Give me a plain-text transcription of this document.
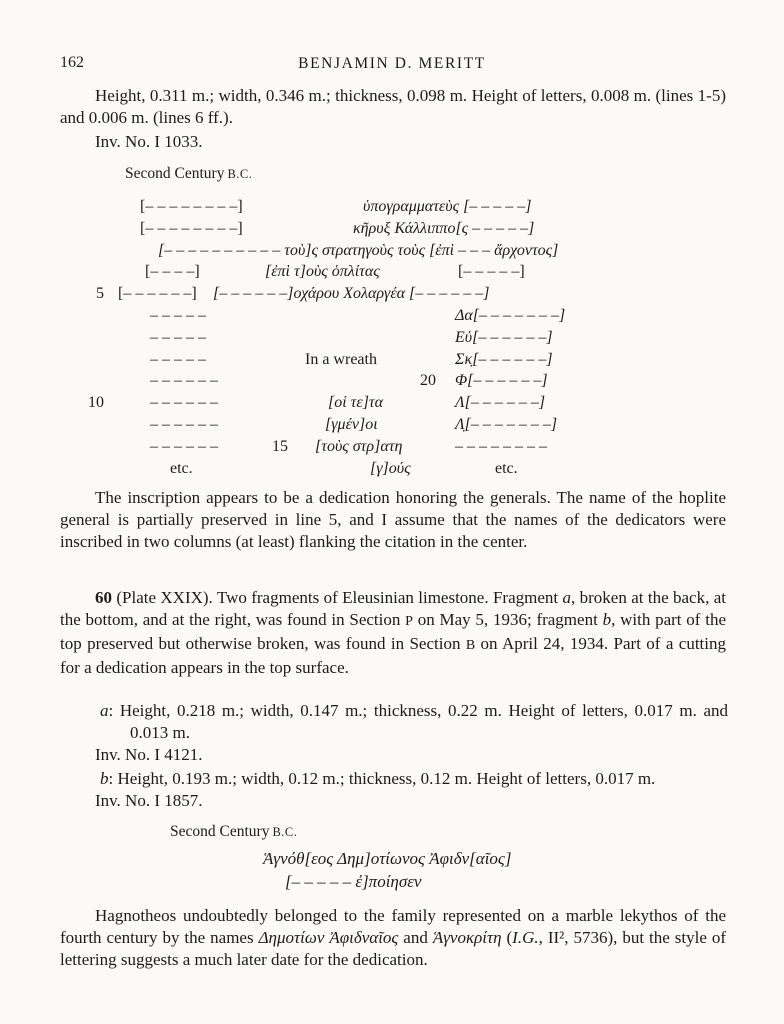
162	BENJAMIN D. MERITT
Height, 0.311 m.; width, 0.346 m.; thickness, 0.098 m. Height of letters, 0.008 m. (lines 1-5) and 0.006 m. (lines 6 ff.).
Inv. No. I 1033.
Second Century B.C.
[– – – – – – – –]	ὑπογραμματεὺς [– – – – –]
[– – – – – – – –]	κῆρυξ Κάλλιππο[ς – – – – –]
[– – – – – – – – – – τοὺ]ς στρατηγοὺς τοὺς [ἐπὶ – – – ἄρχοντος]
[– – – –]	[ἐπὶ τ]οὺς ὁπλίτας	[– – – – –]
5 [– – – – – –] [– – – – – –]οχάρου Χολαργέα [– – – – – –]
– – – – –	Δα[– – – – – – –]
– – – – –	Εὐ[– – – – – –]
– – – – –	In a wreath	Σκ̣[– – – – – –]
– – – – – –	20 Φ[– – – – – –]
10	– – – – – –	[οἱ τε]τα	Λ[– – – – – –]
– – – – – –	[γμέν]οι	Λ̣[– – – – – – –]
– – – – – –	15 [τοὺς στρ]ατη	– – – – – – – –
etc.	[γ]ούς	etc.
The inscription appears to be a dedication honoring the generals. The name of the hoplite general is partially preserved in line 5, and I assume that the names of the dedicators were inscribed in two columns (at least) flanking the citation in the center.
60 (Plate XXIX). Two fragments of Eleusinian limestone. Fragment a, broken at the back, at the bottom, and at the right, was found in Section P on May 5, 1936; fragment b, with part of the top preserved but otherwise broken, was found in Section B on April 24, 1934. Part of a cutting for a dedication appears in the top surface.
a: Height, 0.218 m.; width, 0.147 m.; thickness, 0.22 m. Height of letters, 0.017 m. and 0.013 m.
Inv. No. I 4121.
b: Height, 0.193 m.; width, 0.12 m.; thickness, 0.12 m. Height of letters, 0.017 m.
Inv. No. I 1857.
Second Century B.C.
Ἁγνόθ[εος Δημ]οτίωνος Ἀφιδν[αῖος]
[– – – – – ἐ]ποίησεν
Hagnotheos undoubtedly belonged to the family represented on a marble lekythos of the fourth century by the names Δημοτίων Ἀφιδναῖος and Ἁγνοκρίτη (I.G., II², 5736), but the style of lettering suggests a much later date for the dedication.
